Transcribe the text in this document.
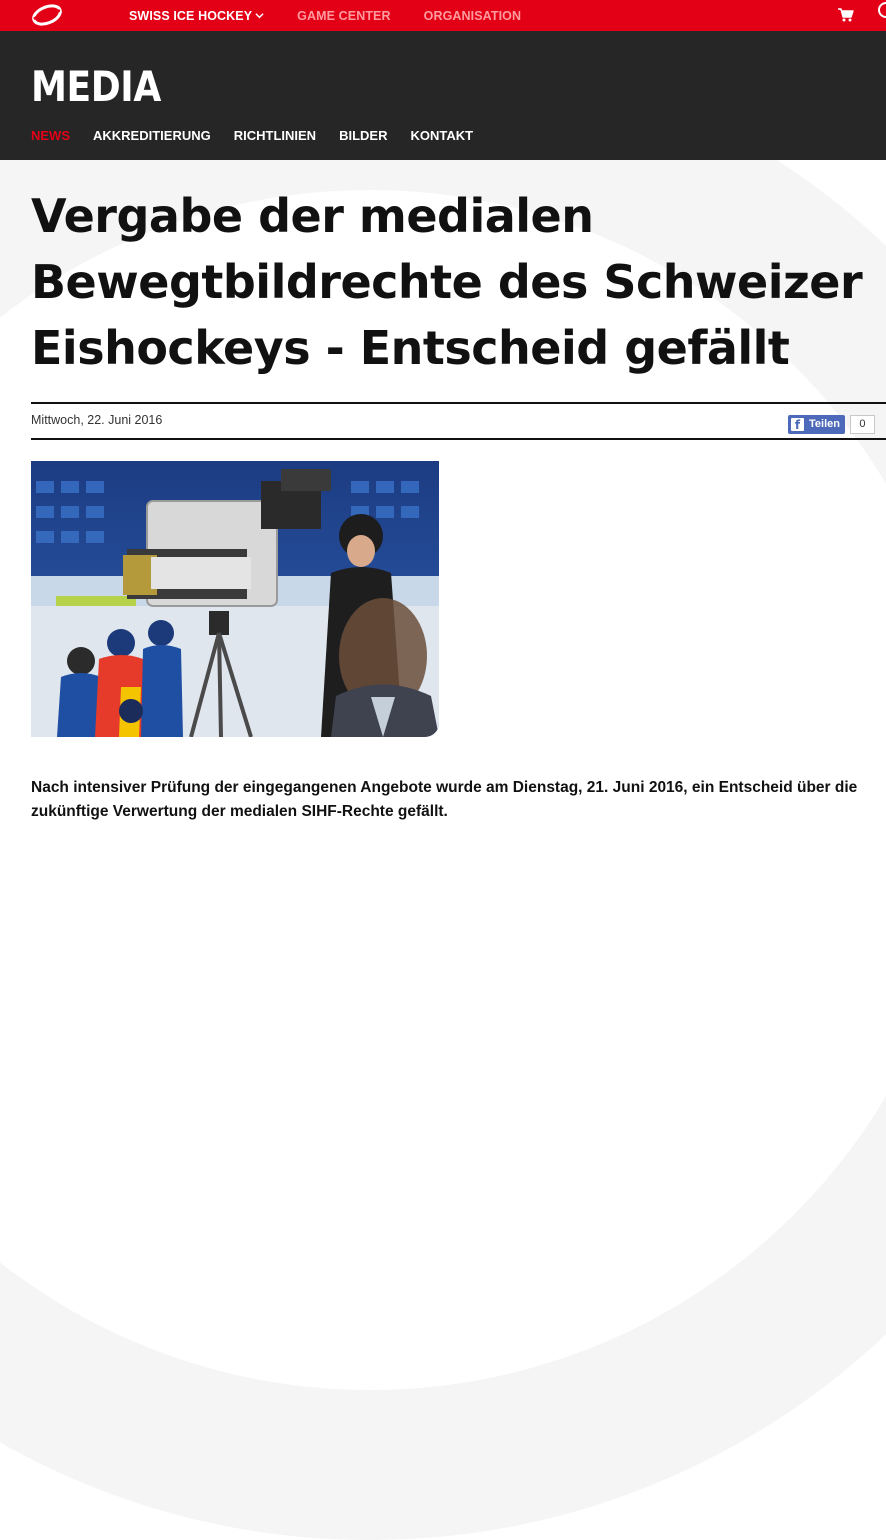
SWISS ICE HOCKEY	GAME CENTER	ORGANISATION
MEDIA
NEWS AKKREDITIERUNG RICHTLINIEN BILDER KONTAKT
Vergabe der medialen
Bewegtbildrechte des Schweizer
Eishockeys - Entscheid gefällt
Mittwoch, 22. Juni 2016	f Teilen	0

Nach intensiver Prüfung der eingegangenen Angebote wurde am Dienstag, 21. Juni 2016, ein Entscheid über die
zukünftige Verwertung der medialen SIHF-Rechte gefällt.
